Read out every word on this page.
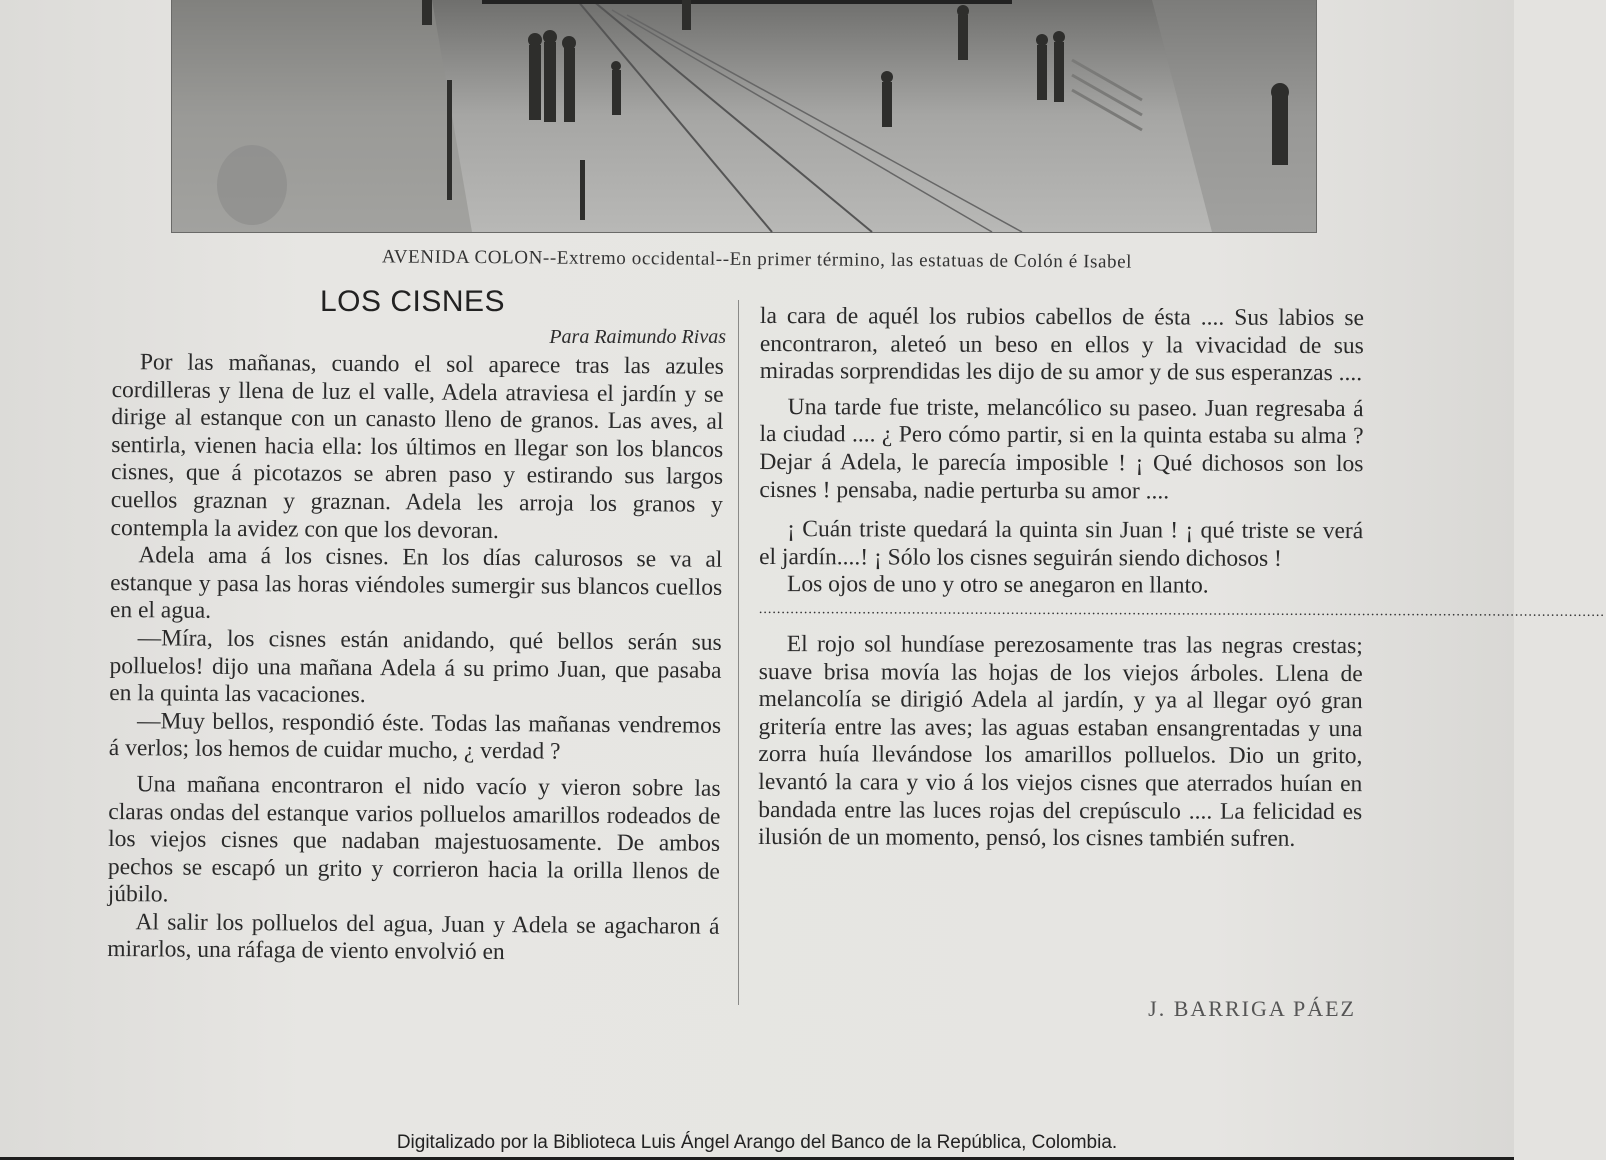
AVENIDA COLON--Extremo occidental--En primer término, las estatuas de Colón é Isabel
LOS CISNES
Para Raimundo Rivas

Por las mañanas, cuando el sol aparece tras las azules cordilleras y llena de luz el valle, Adela atraviesa el jardín y se dirige al estanque con un canasto lleno de granos. Las aves, al sentirla, vienen hacia ella: los últimos en llegar son los blancos cisnes, que á picotazos se abren paso y estirando sus largos cuellos graznan y graznan. Adela les arroja los granos y contempla la avidez con que los devoran.

Adela ama á los cisnes. En los días calurosos se va al estanque y pasa las horas viéndoles sumergir sus blancos cuellos en el agua.

—Míra, los cisnes están anidando, qué bellos serán sus polluelos! dijo una mañana Adela á su primo Juan, que pasaba en la quinta las vacaciones.

—Muy bellos, respondió éste. Todas las mañanas vendremos á verlos; los hemos de cuidar mucho, ¿ verdad ?

Una mañana encontraron el nido vacío y vieron sobre las claras ondas del estanque varios polluelos amarillos rodeados de los viejos cisnes que nadaban majestuosamente. De ambos pechos se escapó un grito y corrieron hacia la orilla llenos de júbilo.

Al salir los polluelos del agua, Juan y Adela se agacharon á mirarlos, una ráfaga de viento envolvió en

la cara de aquél los rubios cabellos de ésta .... Sus labios se encontraron, aleteó un beso en ellos y la vivacidad de sus miradas sorprendidas les dijo de su amor y de sus esperanzas ....

Una tarde fue triste, melancólico su paseo. Juan regresaba á la ciudad .... ¿ Pero cómo partir, si en la quinta estaba su alma ? Dejar á Adela, le parecía imposible ! ¡ Qué dichosos son los cisnes ! pensaba, nadie perturba su amor ....

¡ Cuán triste quedará la quinta sin Juan ! ¡ qué triste se verá el jardín....! ¡ Sólo los cisnes seguirán siendo dichosos !

Los ojos de uno y otro se anegaron en llanto.

............................................................................................................................................................................................

El rojo sol hundíase perezosamente tras las negras crestas; suave brisa movía las hojas de los viejos árboles. Llena de melancolía se dirigió Adela al jardín, y ya al llegar oyó gran gritería entre las aves; las aguas estaban ensangrentadas y una zorra huía llevándose los amarillos polluelos. Dio un grito, levantó la cara y vio á los viejos cisnes que aterrados huían en bandada entre las luces rojas del crepúsculo .... La felicidad es ilusión de un momento, pensó, los cisnes también sufren.

J. BARRIGA PÁEZ
Digitalizado por la Biblioteca Luis Ángel Arango del Banco de la República, Colombia.
